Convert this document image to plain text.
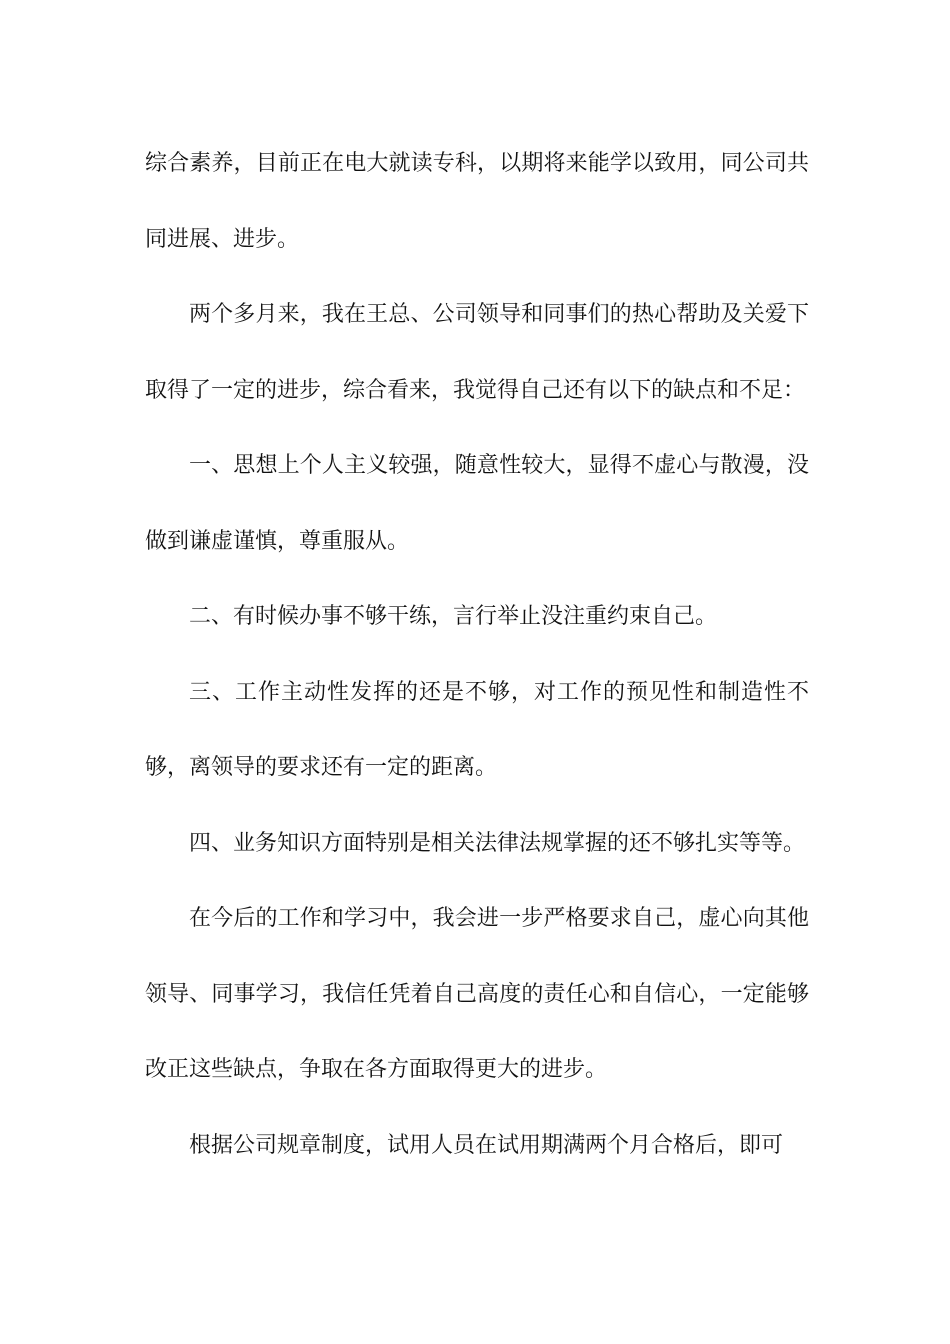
综合素养，目前正在电大就读专科，以期将来能学以致用，同公司共同进展、进步。

两个多月来，我在王总、公司领导和同事们的热心帮助及关爱下取得了一定的进步，综合看来，我觉得自己还有以下的缺点和不足：

一、思想上个人主义较强，随意性较大，显得不虚心与散漫，没做到谦虚谨慎，尊重服从。

二、有时候办事不够干练，言行举止没注重约束自己。

三、工作主动性发挥的还是不够，对工作的预见性和制造性不够，离领导的要求还有一定的距离。

四、业务知识方面特别是相关法律法规掌握的还不够扎实等等。

在今后的工作和学习中，我会进一步严格要求自己，虚心向其他领导、同事学习，我信任凭着自己高度的责任心和自信心，一定能够改正这些缺点，争取在各方面取得更大的进步。

根据公司规章制度，试用人员在试用期满两个月合格后，即可
